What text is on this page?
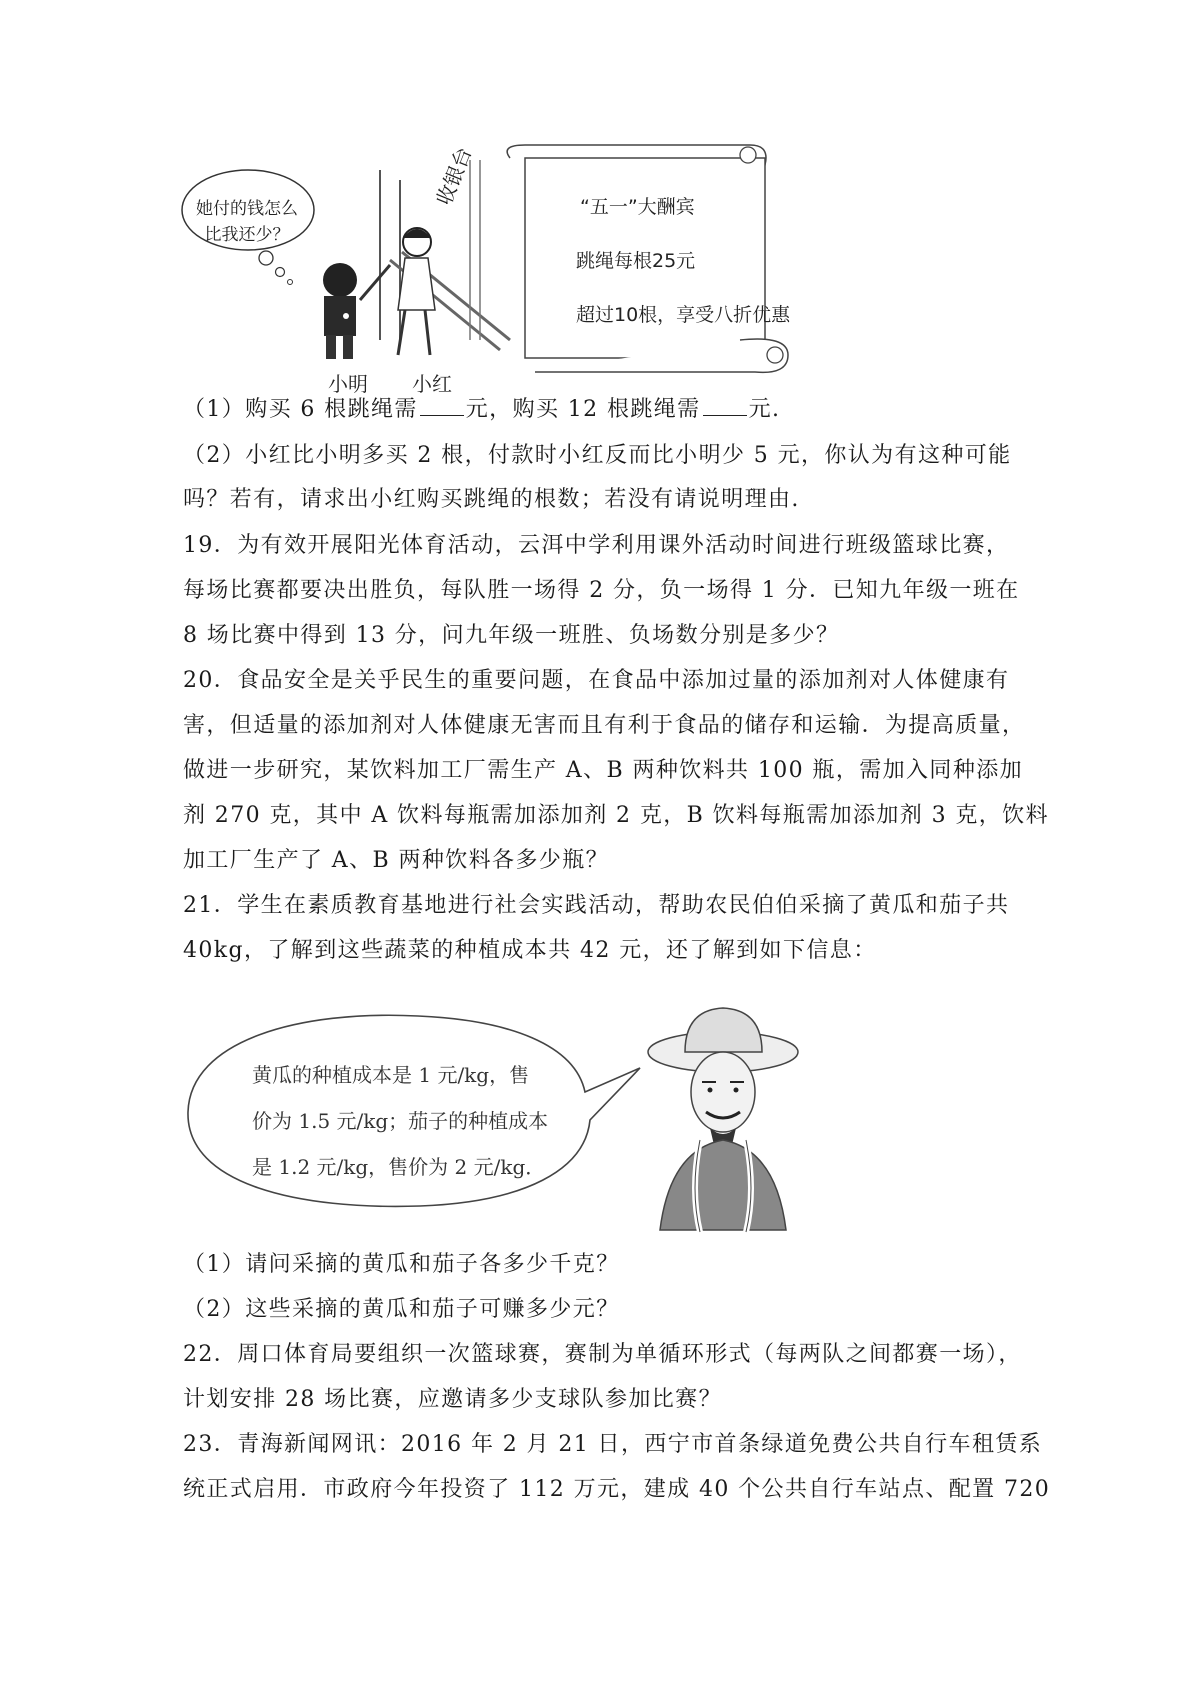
她付的钱怎么比我还少？
收银台
小明 小红
“五一”大酬宾
跳绳每根25元
超过10根，享受八折优惠
（1）购买 6 根跳绳需 元，购买 12 根跳绳需 元.
（2）小红比小明多买 2 根，付款时小红反而比小明少 5 元，你认为有这种可能
吗？若有，请求出小红购买跳绳的根数；若没有请说明理由.
19．为有效开展阳光体育活动，云洱中学利用课外活动时间进行班级篮球比赛，
每场比赛都要决出胜负，每队胜一场得 2 分，负一场得 1 分．已知九年级一班在
8 场比赛中得到 13 分，问九年级一班胜、负场数分别是多少？
20．食品安全是关乎民生的重要问题，在食品中添加过量的添加剂对人体健康有
害，但适量的添加剂对人体健康无害而且有利于食品的储存和运输．为提高质量，
做进一步研究，某饮料加工厂需生产 A、B 两种饮料共 100 瓶，需加入同种添加
剂 270 克，其中 A 饮料每瓶需加添加剂 2 克，B 饮料每瓶需加添加剂 3 克，饮料
加工厂生产了 A、B 两种饮料各多少瓶？
21．学生在素质教育基地进行社会实践活动，帮助农民伯伯采摘了黄瓜和茄子共
40kg，了解到这些蔬菜的种植成本共 42 元，还了解到如下信息：
黄瓜的种植成本是 1 元/kg，售
价为 1.5 元/kg；茄子的种植成本
是 1.2 元/kg，售价为 2 元/kg．
（1）请问采摘的黄瓜和茄子各多少千克？
（2）这些采摘的黄瓜和茄子可赚多少元？
22．周口体育局要组织一次篮球赛，赛制为单循环形式（每两队之间都赛一场），
计划安排 28 场比赛，应邀请多少支球队参加比赛？
23．青海新闻网讯：2016 年 2 月 21 日，西宁市首条绿道免费公共自行车租赁系
统正式启用．市政府今年投资了 112 万元，建成 40 个公共自行车站点、配置 720
